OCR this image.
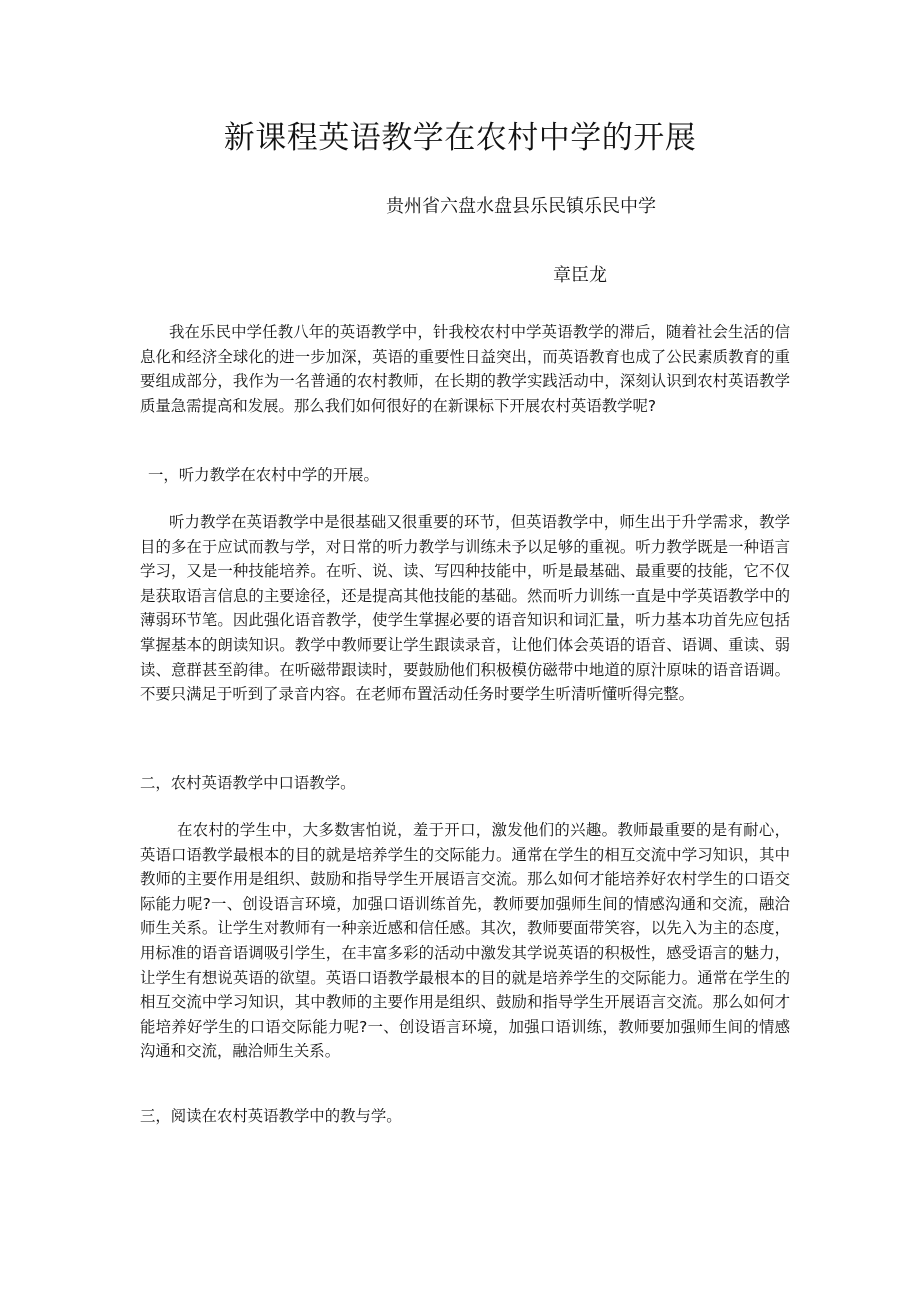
新课程英语教学在农村中学的开展
贵州省六盘水盘县乐民镇乐民中学
章臣龙

我在乐民中学任教八年的英语教学中，针我校农村中学英语教学的滞后，随着社会生活的信息化和经济全球化的进一步加深，英语的重要性日益突出，而英语教育也成了公民素质教育的重要组成部分，我作为一名普通的农村教师，在长期的教学实践活动中，深刻认识到农村英语教学质量急需提高和发展。那么我们如何很好的在新课标下开展农村英语教学呢?

一，听力教学在农村中学的开展。

听力教学在英语教学中是很基础又很重要的环节，但英语教学中，师生出于升学需求，教学目的多在于应试而教与学，对日常的听力教学与训练未予以足够的重视。听力教学既是一种语言学习，又是一种技能培养。在听、说、读、写四种技能中，听是最基础、最重要的技能，它不仅是获取语言信息的主要途径，还是提高其他技能的基础。然而听力训练一直是中学英语教学中的薄弱环节笔。因此强化语音教学，使学生掌握必要的语音知识和词汇量，听力基本功首先应包括掌握基本的朗读知识。教学中教师要让学生跟读录音，让他们体会英语的语音、语调、重读、弱读、意群甚至韵律。在听磁带跟读时，要鼓励他们积极模仿磁带中地道的原汁原味的语音语调。不要只满足于听到了录音内容。在老师布置活动任务时要学生听清听懂听得完整。

二，农村英语教学中口语教学。

在农村的学生中，大多数害怕说，羞于开口，激发他们的兴趣。教师最重要的是有耐心，英语口语教学最根本的目的就是培养学生的交际能力。通常在学生的相互交流中学习知识，其中教师的主要作用是组织、鼓励和指导学生开展语言交流。那么如何才能培养好农村学生的口语交际能力呢?一、创设语言环境，加强口语训练首先，教师要加强师生间的情感沟通和交流，融洽师生关系。让学生对教师有一种亲近感和信任感。其次，教师要面带笑容，以先入为主的态度，用标准的语音语调吸引学生，在丰富多彩的活动中激发其学说英语的积极性，感受语言的魅力，让学生有想说英语的欲望。英语口语教学最根本的目的就是培养学生的交际能力。通常在学生的相互交流中学习知识，其中教师的主要作用是组织、鼓励和指导学生开展语言交流。那么如何才能培养好学生的口语交际能力呢?一、创设语言环境，加强口语训练，教师要加强师生间的情感沟通和交流，融洽师生关系。

三，阅读在农村英语教学中的教与学。
